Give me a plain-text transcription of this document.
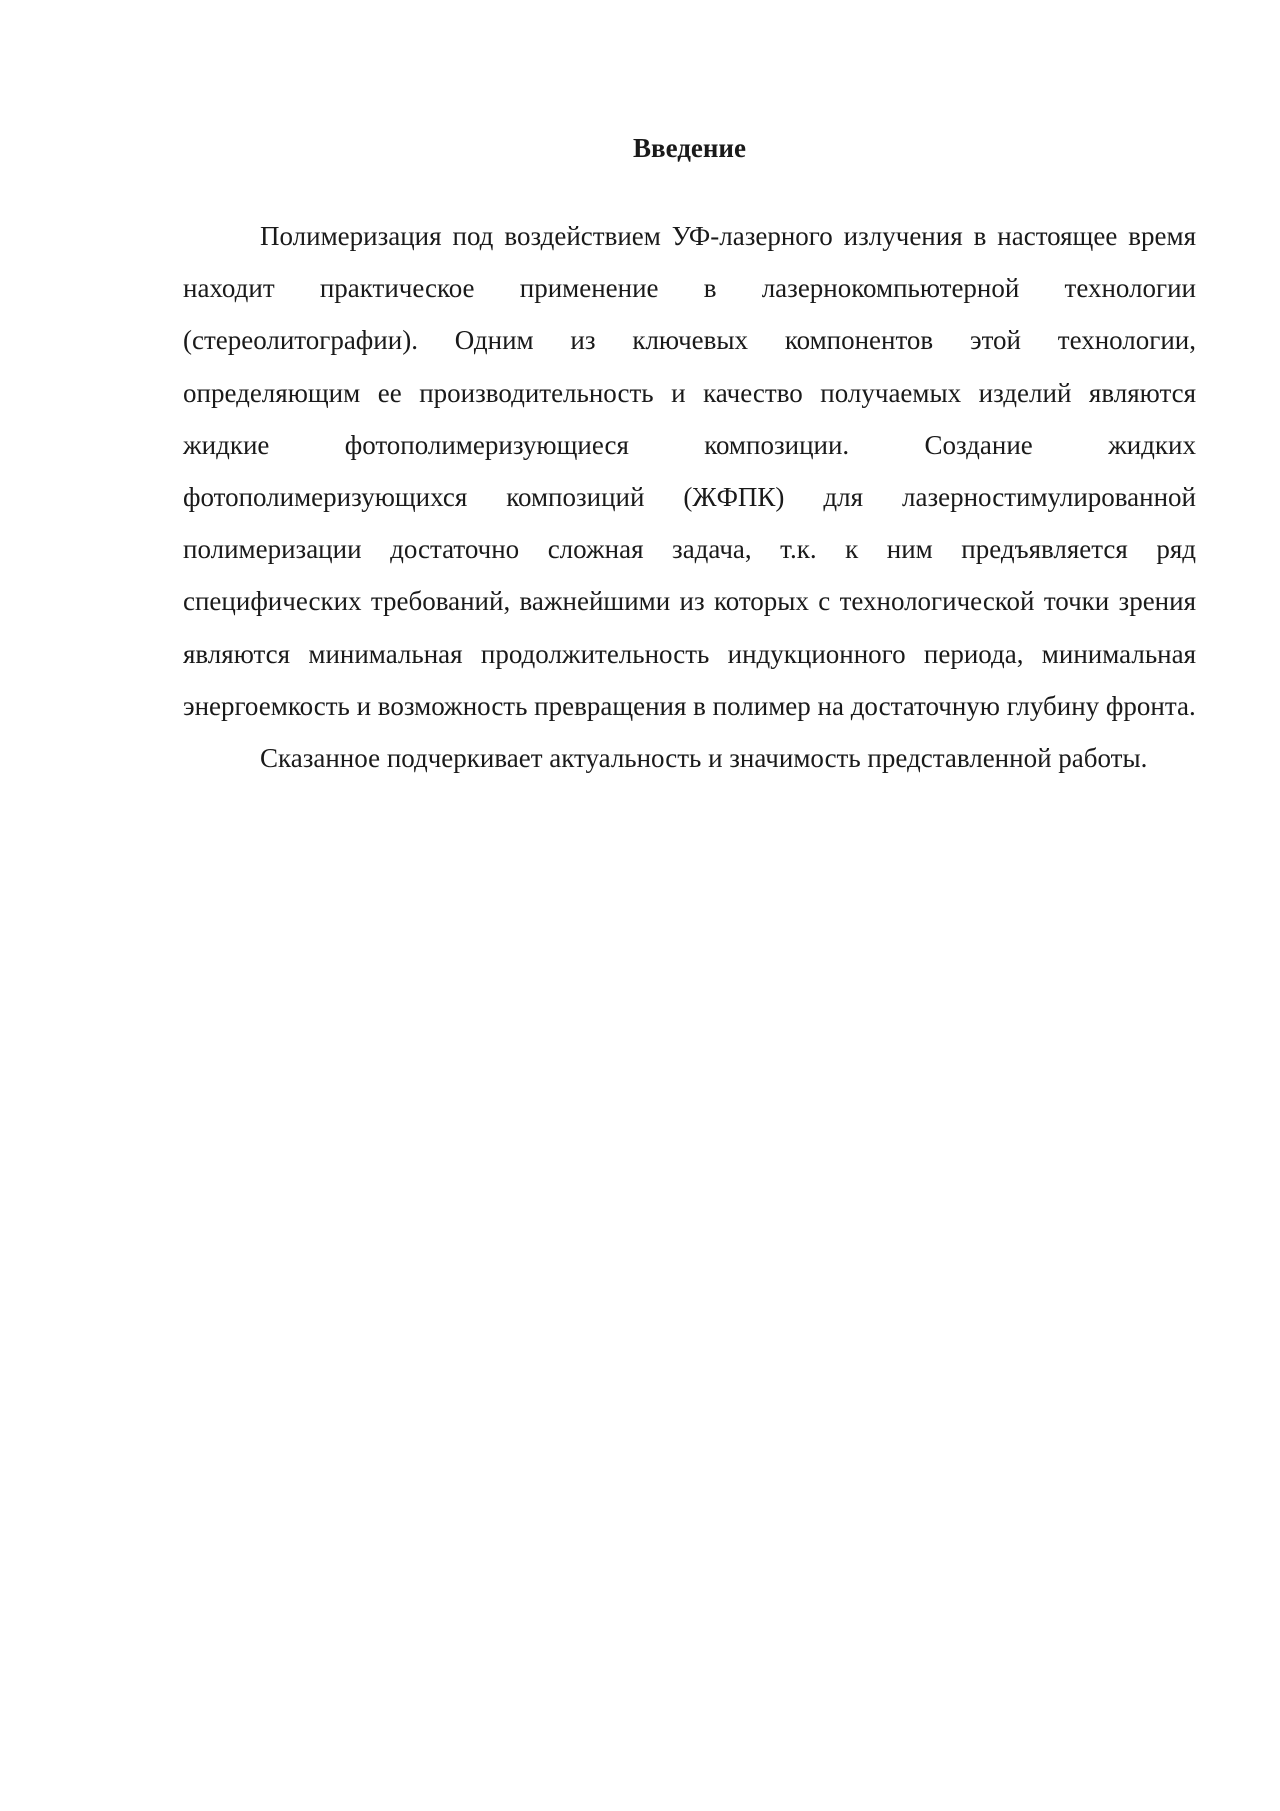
Введение

Полимеризация под воздействием УФ-лазерного излучения в настоящее время находит практическое применение в лазернокомпьютерной технологии (стереолитографии). Одним из ключевых компонентов этой технологии, определяющим ее производительность и качество получаемых изделий являются жидкие фотополимеризующиеся композиции. Создание жидких фотополимеризующихся композиций (ЖФПК) для лазерностимулированной полимеризации достаточно сложная задача, т.к. к ним предъявляется ряд специфических требований, важнейшими из которых с технологической точки зрения являются минимальная продолжительность индукционного периода, минимальная энергоемкость и возможность превращения в полимер на достаточную глубину фронта.

Сказанное подчеркивает актуальность и значимость представленной работы.
